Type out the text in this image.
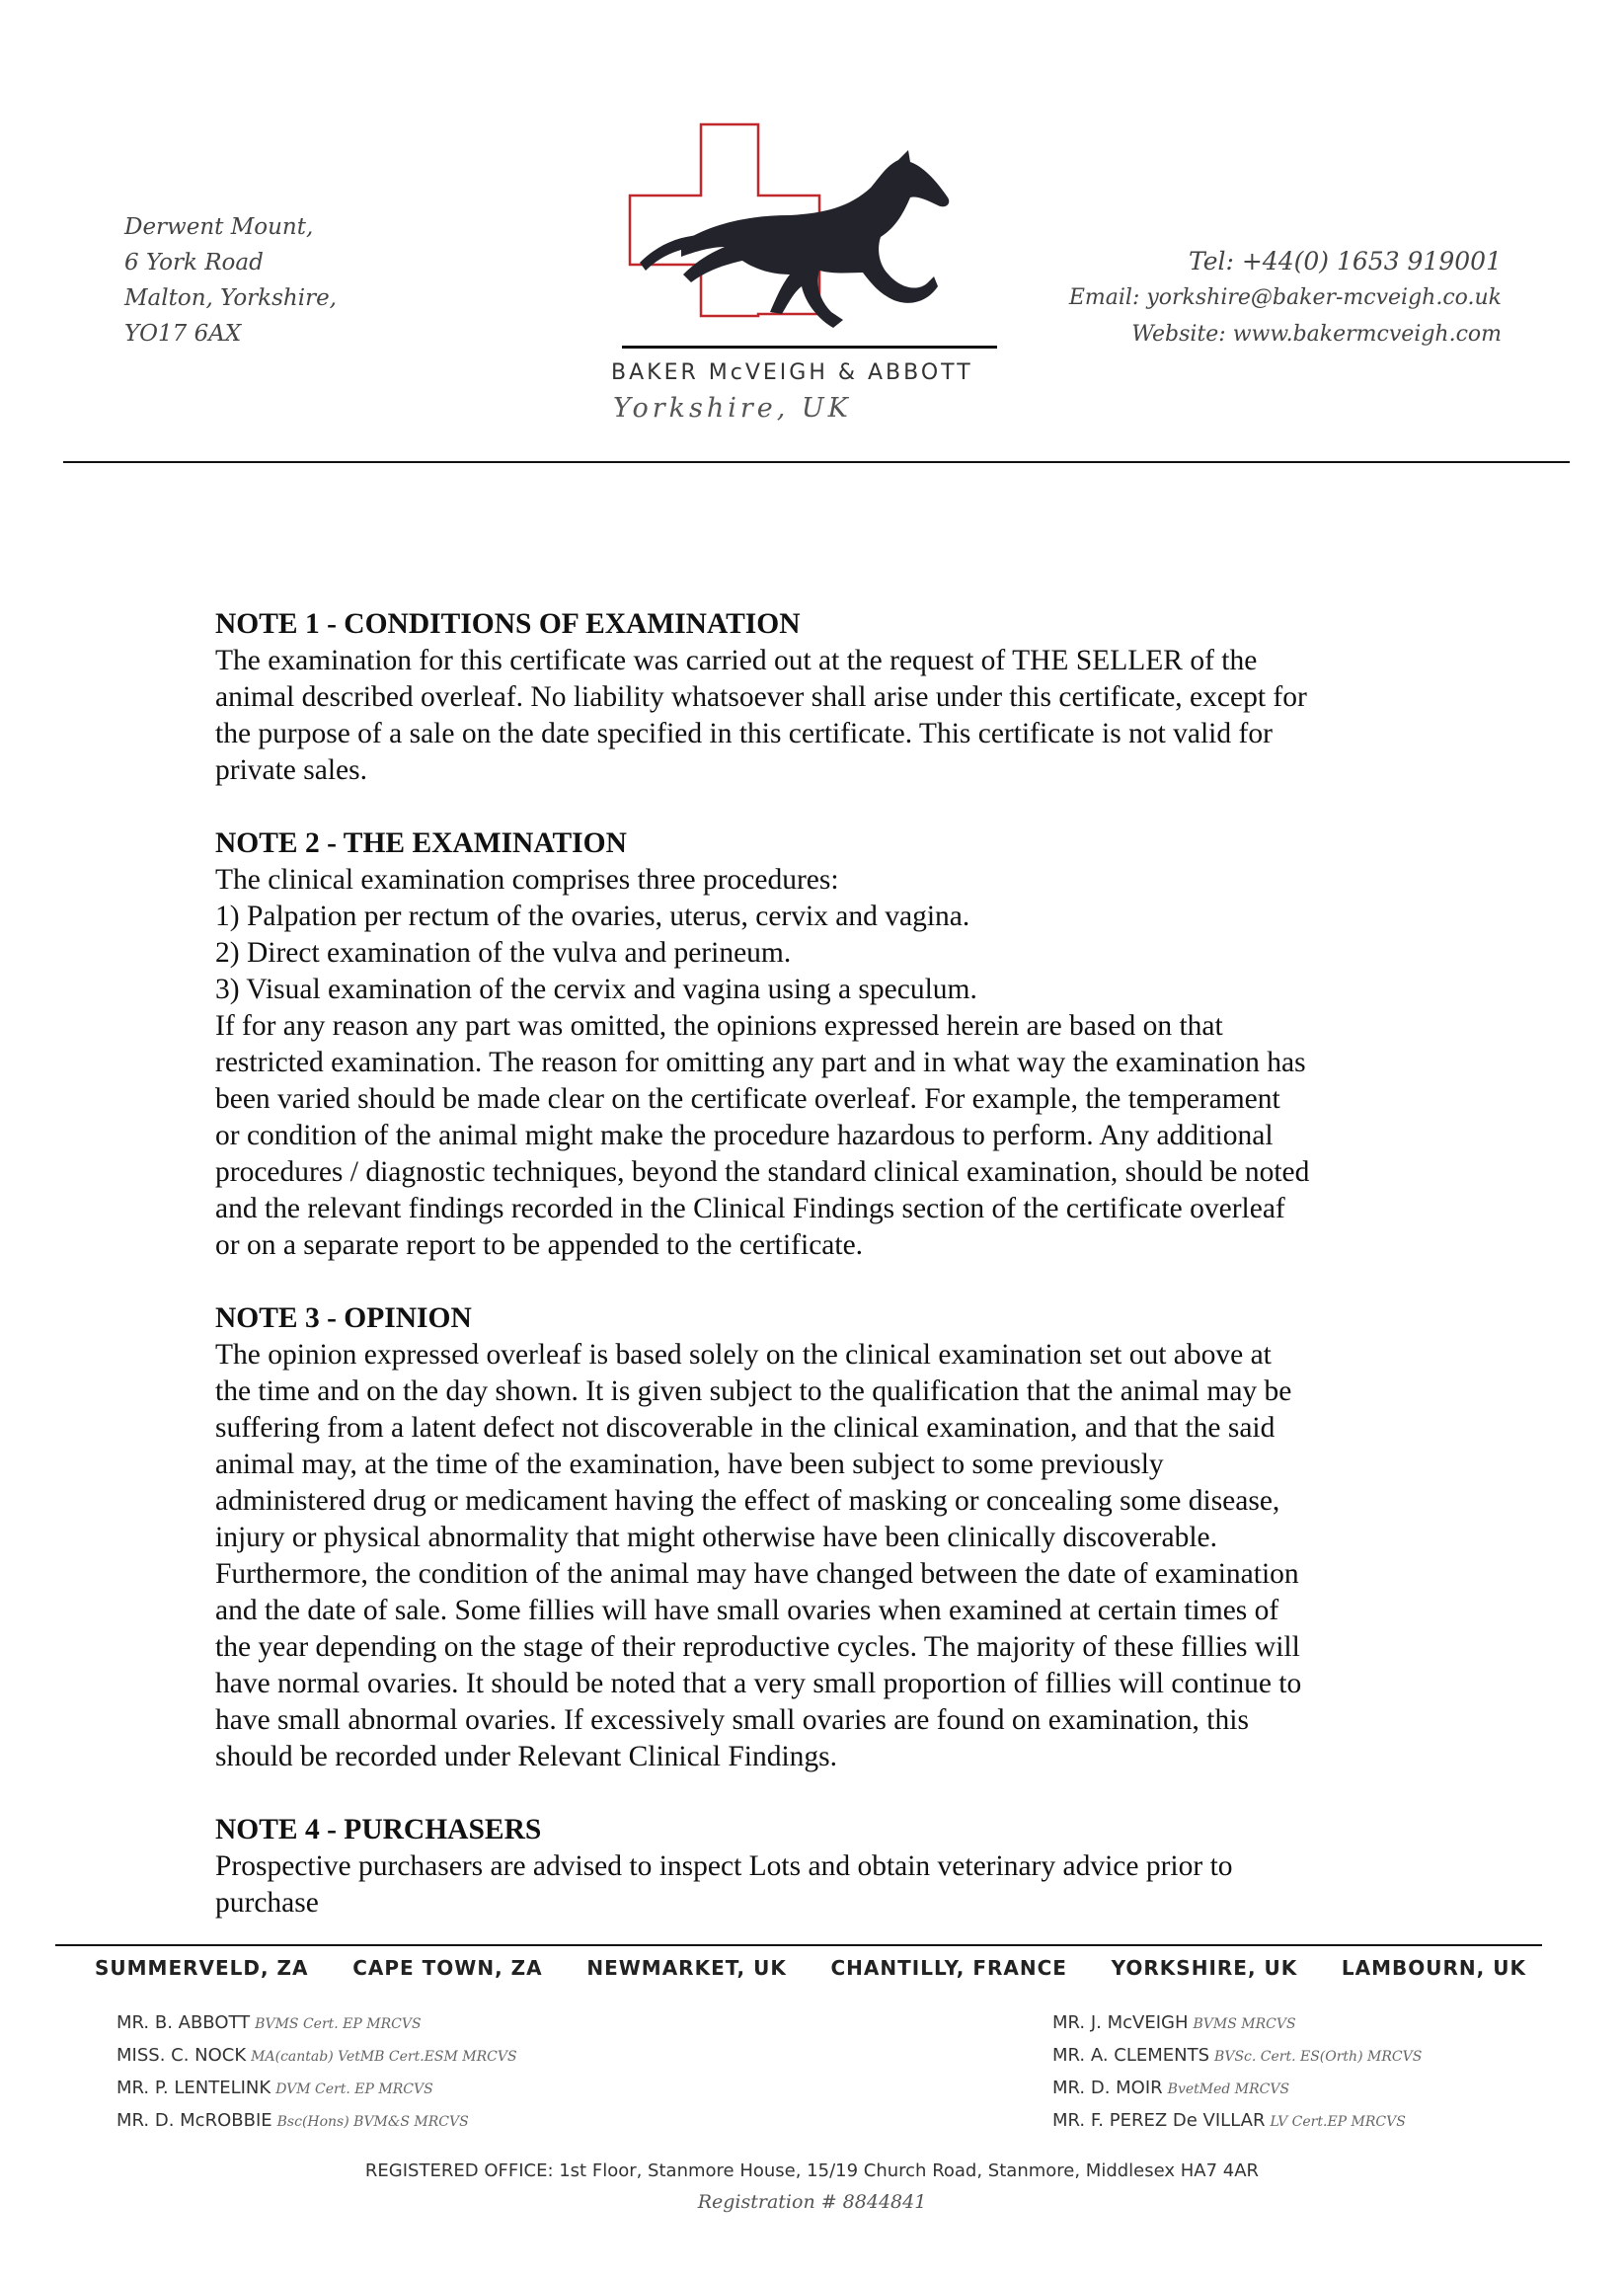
Derwent Mount,
6 York Road
Malton, Yorkshire,
YO17 6AX
BAKER McVEIGH & ABBOTT
Yorkshire, UK
Tel: +44(0) 1653 919001
Email: yorkshire@baker-mcveigh.co.uk
Website: www.bakermcveigh.com
NOTE 1 - CONDITIONS OF EXAMINATION

The examination for this certificate was carried out at the request of THE SELLER of the

animal described overleaf. No liability whatsoever shall arise under this certificate, except for

the purpose of a sale on the date specified in this certificate. This certificate is not valid for

private sales.

NOTE 2 - THE EXAMINATION

The clinical examination comprises three procedures:

1) Palpation per rectum of the ovaries, uterus, cervix and vagina.

2) Direct examination of the vulva and perineum.

3) Visual examination of the cervix and vagina using a speculum.

If for any reason any part was omitted, the opinions expressed herein are based on that

restricted examination. The reason for omitting any part and in what way the examination has

been varied should be made clear on the certificate overleaf. For example, the temperament

or condition of the animal might make the procedure hazardous to perform. Any additional

procedures / diagnostic techniques, beyond the standard clinical examination, should be noted

and the relevant findings recorded in the Clinical Findings section of the certificate overleaf

or on a separate report to be appended to the certificate.

NOTE 3 - OPINION

The opinion expressed overleaf is based solely on the clinical examination set out above at

the time and on the day shown. It is given subject to the qualification that the animal may be

suffering from a latent defect not discoverable in the clinical examination, and that the said

animal may, at the time of the examination, have been subject to some previously

administered drug or medicament having the effect of masking or concealing some disease,

injury or physical abnormality that might otherwise have been clinically discoverable.

Furthermore, the condition of the animal may have changed between the date of examination

and the date of sale. Some fillies will have small ovaries when examined at certain times of

the year depending on the stage of their reproductive cycles. The majority of these fillies will

have normal ovaries. It should be noted that a very small proportion of fillies will continue to

have small abnormal ovaries. If excessively small ovaries are found on examination, this

should be recorded under Relevant Clinical Findings.

NOTE 4 - PURCHASERS

Prospective purchasers are advised to inspect Lots and obtain veterinary advice prior to

purchase

SUMMERVELD, ZA CAPE TOWN, ZA NEWMARKET, UK CHANTILLY, FRANCE YORKSHIRE, UK LAMBOURN, UK
MR. B. ABBOTT BVMS Cert. EP MRCVS
MISS. C. NOCK MA(cantab) VetMB Cert.ESM MRCVS
MR. P. LENTELINK DVM Cert. EP MRCVS
MR. D. McROBBIE Bsc(Hons) BVM&S MRCVS
MR. J. McVEIGH BVMS MRCVS
MR. A. CLEMENTS BVSc. Cert. ES(Orth) MRCVS
MR. D. MOIR BvetMed MRCVS
MR. F. PEREZ De VILLAR LV Cert.EP MRCVS
REGISTERED OFFICE: 1st Floor, Stanmore House, 15/19 Church Road, Stanmore, Middlesex HA7 4AR
Registration # 8844841
